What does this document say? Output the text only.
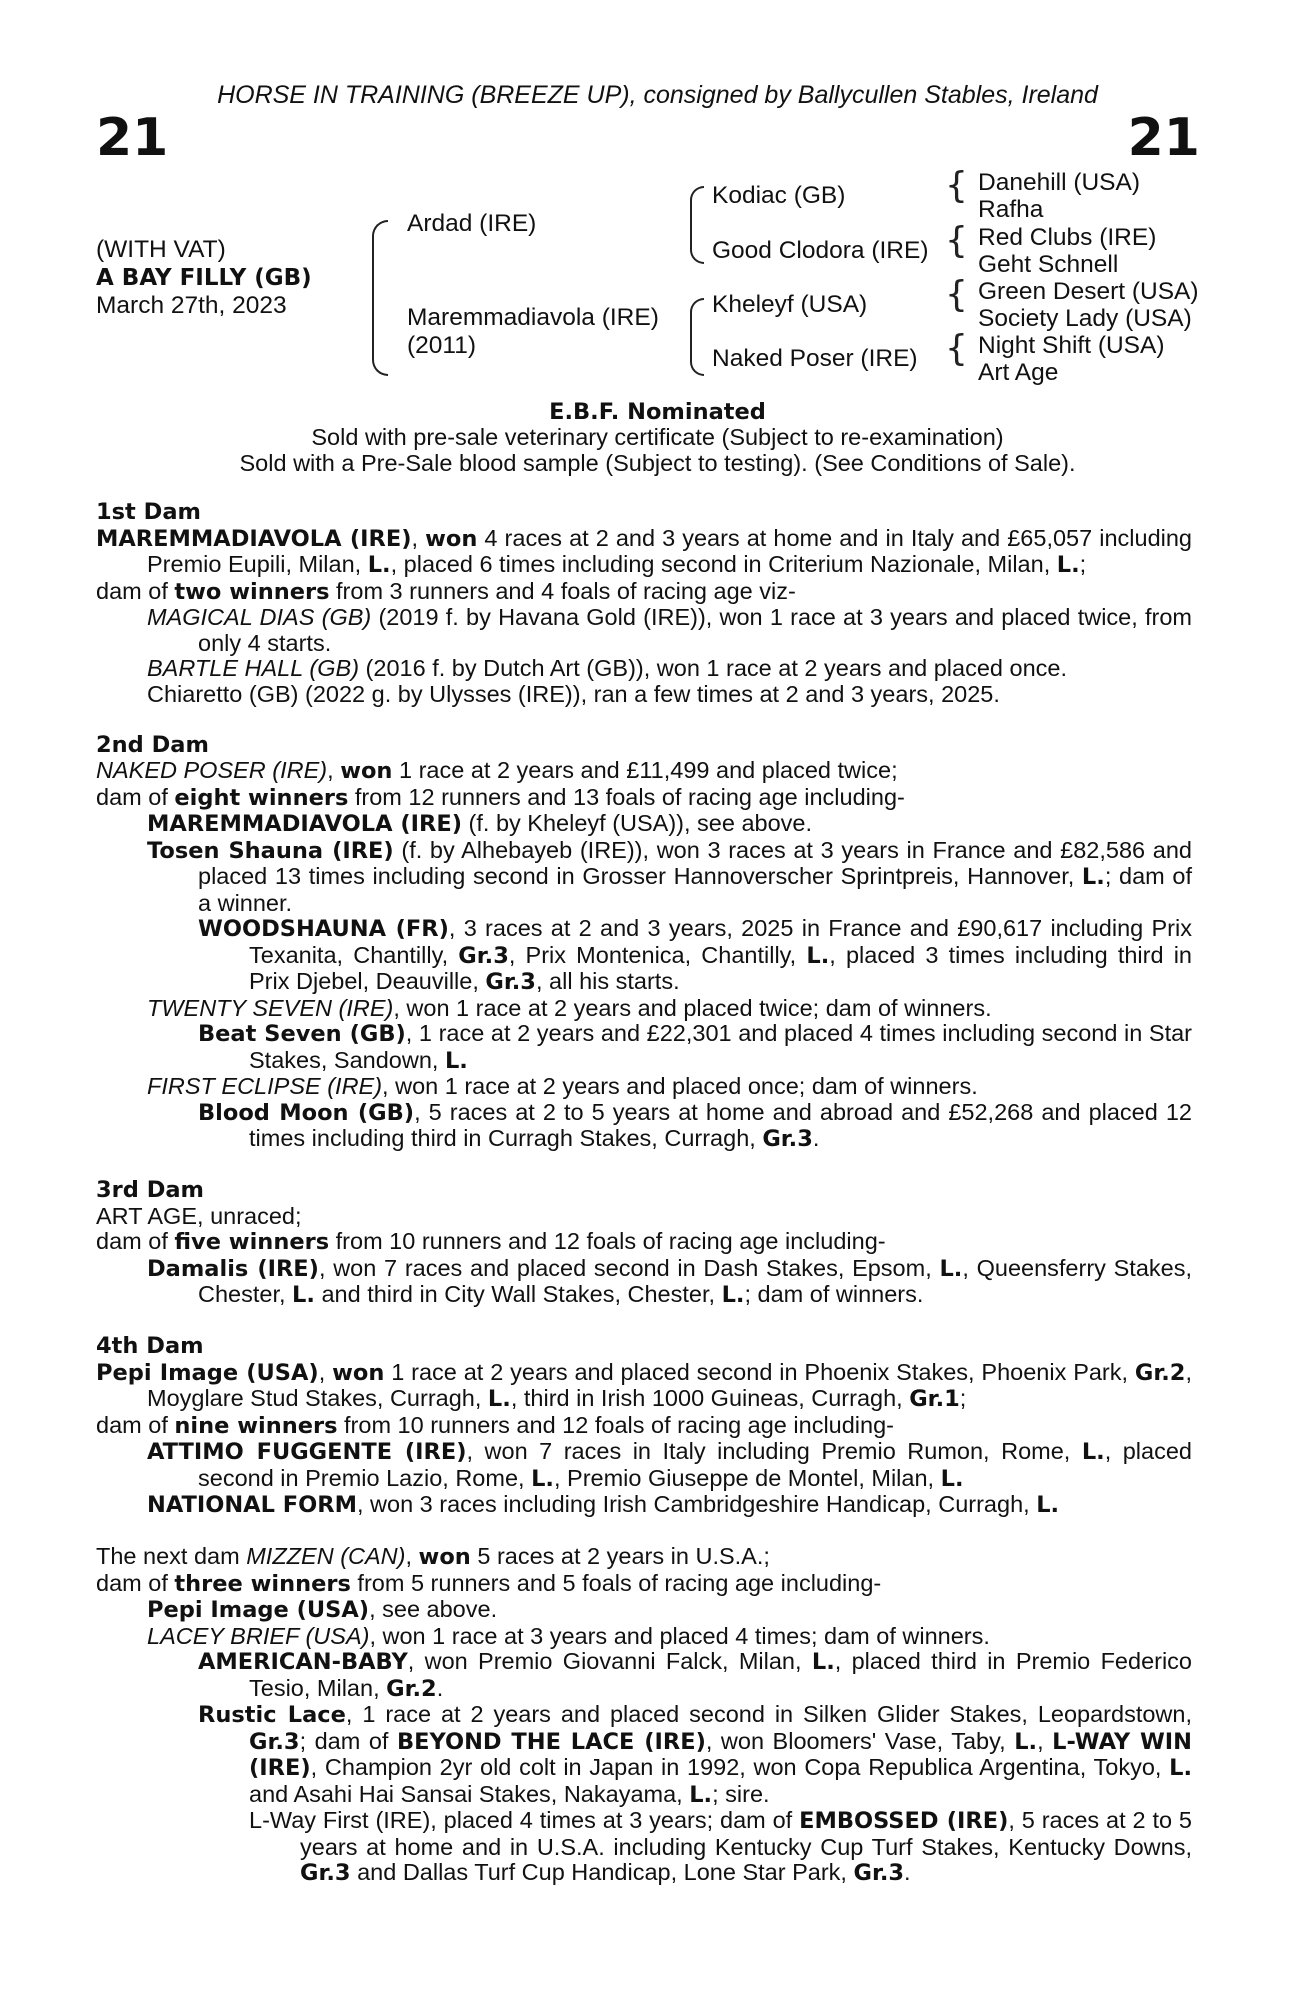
HORSE IN TRAINING (BREEZE UP), consigned by Ballycullen Stables, Ireland
21	21
(WITH VAT)
A BAY FILLY (GB)
March 27th, 2023
Ardad (IRE)
Maremmadiavola (IRE)
(2011)
Kodiac (GB)
Good Clodora (IRE)
Kheleyf (USA)
Naked Poser (IRE)
{
{
{
{
Danehill (USA)
Rafha
Red Clubs (IRE)
Geht Schnell
Green Desert (USA)
Society Lady (USA)
Night Shift (USA)
Art Age
E.B.F. Nominated
Sold with pre-sale veterinary certificate (Subject to re-examination)
Sold with a Pre-Sale blood sample (Subject to testing). (See Conditions of Sale).
1st Dam

MAREMMADIAVOLA (IRE), won 4 races at 2 and 3 years at home and in Italy and £65,057 including Premio Eupili, Milan, L., placed 6 times including second in Criterium Nazionale, Milan, L.;

dam of two winners from 3 runners and 4 foals of racing age viz-

MAGICAL DIAS (GB) (2019 f. by Havana Gold (IRE)), won 1 race at 3 years and placed twice, from only 4 starts.

BARTLE HALL (GB) (2016 f. by Dutch Art (GB)), won 1 race at 2 years and placed once.

Chiaretto (GB) (2022 g. by Ulysses (IRE)), ran a few times at 2 and 3 years, 2025.

2nd Dam

NAKED POSER (IRE), won 1 race at 2 years and £11,499 and placed twice;

dam of eight winners from 12 runners and 13 foals of racing age including-

MAREMMADIAVOLA (IRE) (f. by Kheleyf (USA)), see above.

Tosen Shauna (IRE) (f. by Alhebayeb (IRE)), won 3 races at 3 years in France and £82,586 and placed 13 times including second in Grosser Hannoverscher Sprintpreis, Hannover, L.; dam of a winner.

WOODSHAUNA (FR), 3 races at 2 and 3 years, 2025 in France and £90,617 including Prix Texanita, Chantilly, Gr.3, Prix Montenica, Chantilly, L., placed 3 times including third in Prix Djebel, Deauville, Gr.3, all his starts.

TWENTY SEVEN (IRE), won 1 race at 2 years and placed twice; dam of winners.

Beat Seven (GB), 1 race at 2 years and £22,301 and placed 4 times including second in Star Stakes, Sandown, L.

FIRST ECLIPSE (IRE), won 1 race at 2 years and placed once; dam of winners.

Blood Moon (GB), 5 races at 2 to 5 years at home and abroad and £52,268 and placed 12 times including third in Curragh Stakes, Curragh, Gr.3.

3rd Dam

ART AGE, unraced;

dam of five winners from 10 runners and 12 foals of racing age including-

Damalis (IRE), won 7 races and placed second in Dash Stakes, Epsom, L., Queensferry Stakes, Chester, L. and third in City Wall Stakes, Chester, L.; dam of winners.

4th Dam

Pepi Image (USA), won 1 race at 2 years and placed second in Phoenix Stakes, Phoenix Park, Gr.2, Moyglare Stud Stakes, Curragh, L., third in Irish 1000 Guineas, Curragh, Gr.1;

dam of nine winners from 10 runners and 12 foals of racing age including-

ATTIMO FUGGENTE (IRE), won 7 races in Italy including Premio Rumon, Rome, L., placed second in Premio Lazio, Rome, L., Premio Giuseppe de Montel, Milan, L.

NATIONAL FORM, won 3 races including Irish Cambridgeshire Handicap, Curragh, L.

The next dam MIZZEN (CAN), won 5 races at 2 years in U.S.A.;

dam of three winners from 5 runners and 5 foals of racing age including-

Pepi Image (USA), see above.

LACEY BRIEF (USA), won 1 race at 3 years and placed 4 times; dam of winners.

AMERICAN-BABY, won Premio Giovanni Falck, Milan, L., placed third in Premio Federico Tesio, Milan, Gr.2.

Rustic Lace, 1 race at 2 years and placed second in Silken Glider Stakes, Leopardstown, Gr.3; dam of BEYOND THE LACE (IRE), won Bloomers' Vase, Taby, L., L-WAY WIN (IRE), Champion 2yr old colt in Japan in 1992, won Copa Republica Argentina, Tokyo, L. and Asahi Hai Sansai Stakes, Nakayama, L.; sire.

L-Way First (IRE), placed 4 times at 3 years; dam of EMBOSSED (IRE), 5 races at 2 to 5 years at home and in U.S.A. including Kentucky Cup Turf Stakes, Kentucky Downs, Gr.3 and Dallas Turf Cup Handicap, Lone Star Park, Gr.3.
